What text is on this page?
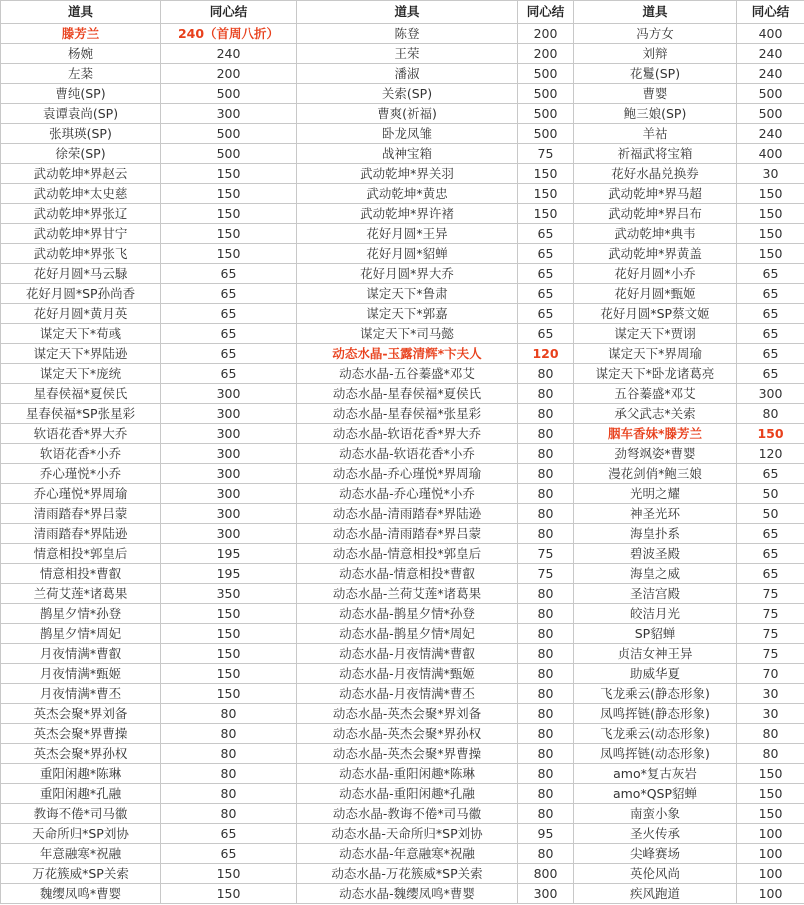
道具	同心结	道具	同心结	道具	同心结
滕芳兰	240（首周八折）	陈登	200	冯方女	400
杨婉	240	王荣	200	刘辩	240
左棻	200	潘淑	500	花鬘(SP)	240
曹纯(SP)	500	关索(SP)	500	曹婴	500
袁谭袁尚(SP)	300	曹爽(祈福)	500	鲍三娘(SP)	500
张琪瑛(SP)	500	卧龙凤雏	500	羊祜	240
徐荣(SP)	500	战神宝箱	75	祈福武将宝箱	400
武动乾坤*界赵云	150	武动乾坤*界关羽	150	花好水晶兑换券	30
武动乾坤*太史慈	150	武动乾坤*黄忠	150	武动乾坤*界马超	150
武动乾坤*界张辽	150	武动乾坤*界许褚	150	武动乾坤*界吕布	150
武动乾坤*界甘宁	150	花好月圆*王异	65	武动乾坤*典韦	150
武动乾坤*界张飞	150	花好月圆*貂蝉	65	武动乾坤*界黄盖	150
花好月圆*马云騄	65	花好月圆*界大乔	65	花好月圆*小乔	65
花好月圆*SP孙尚香	65	谋定天下*鲁肃	65	花好月圆*甄姬	65
花好月圆*黄月英	65	谋定天下*郭嘉	65	花好月圆*SP蔡文姬	65
谋定天下*荀彧	65	谋定天下*司马懿	65	谋定天下*贾诩	65
谋定天下*界陆逊	65	动态水晶-玉露清辉*卞夫人	120	谋定天下*界周瑜	65
谋定天下*庞统	65	动态水晶-五谷蓁盛*邓艾	80	谋定天下*卧龙诸葛亮	65
星春侯福*夏侯氏	300	动态水晶-星春侯福*夏侯氏	80	五谷蓁盛*邓艾	300
星春侯福*SP张星彩	300	动态水晶-星春侯福*张星彩	80	承父武志*关索	80
软语花香*界大乔	300	动态水晶-软语花香*界大乔	80	胭车香妹*滕芳兰	150
软语花香*小乔	300	动态水晶-软语花香*小乔	80	劲弩飒姿*曹婴	120
乔心瑾悦*小乔	300	动态水晶-乔心瑾悦*界周瑜	80	漫花剑俏*鲍三娘	65
乔心瑾悦*界周瑜	300	动态水晶-乔心瑾悦*小乔	80	光明之耀	50
清雨踏春*界吕蒙	300	动态水晶-清雨踏春*界陆逊	80	神圣光环	50
清雨踏春*界陆逊	300	动态水晶-清雨踏春*界吕蒙	80	海皇扑系	65
情意相投*郭皇后	195	动态水晶-情意相投*郭皇后	75	碧波圣殿	65
情意相投*曹叡	195	动态水晶-情意相投*曹叡	75	海皇之威	65
兰荷艾莲*诸葛果	350	动态水晶-兰荷艾莲*诸葛果	80	圣洁宫殿	75
鹊星夕情*孙登	150	动态水晶-鹊星夕情*孙登	80	皎洁月光	75
鹊星夕情*周妃	150	动态水晶-鹊星夕情*周妃	80	SP貂蝉	75
月夜情满*曹叡	150	动态水晶-月夜情满*曹叡	80	贞洁女神王异	75
月夜情满*甄姬	150	动态水晶-月夜情满*甄姬	80	助威华夏	70
月夜情满*曹丕	150	动态水晶-月夜情满*曹丕	80	飞龙乘云(静态形象)	30
英杰会聚*界刘备	80	动态水晶-英杰会聚*界刘备	80	凤鸣挥链(静态形象)	30
英杰会聚*界曹操	80	动态水晶-英杰会聚*界孙权	80	飞龙乘云(动态形象)	80
英杰会聚*界孙权	80	动态水晶-英杰会聚*界曹操	80	凤鸣挥链(动态形象)	80
重阳闲趣*陈琳	80	动态水晶-重阳闲趣*陈琳	80	amo*复古灰岩	150
重阳闲趣*孔融	80	动态水晶-重阳闲趣*孔融	80	amo*QSP貂蝉	150
教诲不倦*司马徽	80	动态水晶-教诲不倦*司马徽	80	南蛮小象	150
天命所归*SP刘协	65	动态水晶-天命所归*SP刘协	95	圣火传承	100
年意融寒*祝融	65	动态水晶-年意融寒*祝融	80	尖峰赛场	100
万花簇威*SP关索	150	动态水晶-万花簇威*SP关索	800	英伦风尚	100
魏缨凤鸣*曹婴	150	动态水晶-魏缨凤鸣*曹婴	300	疾风跑道	100
